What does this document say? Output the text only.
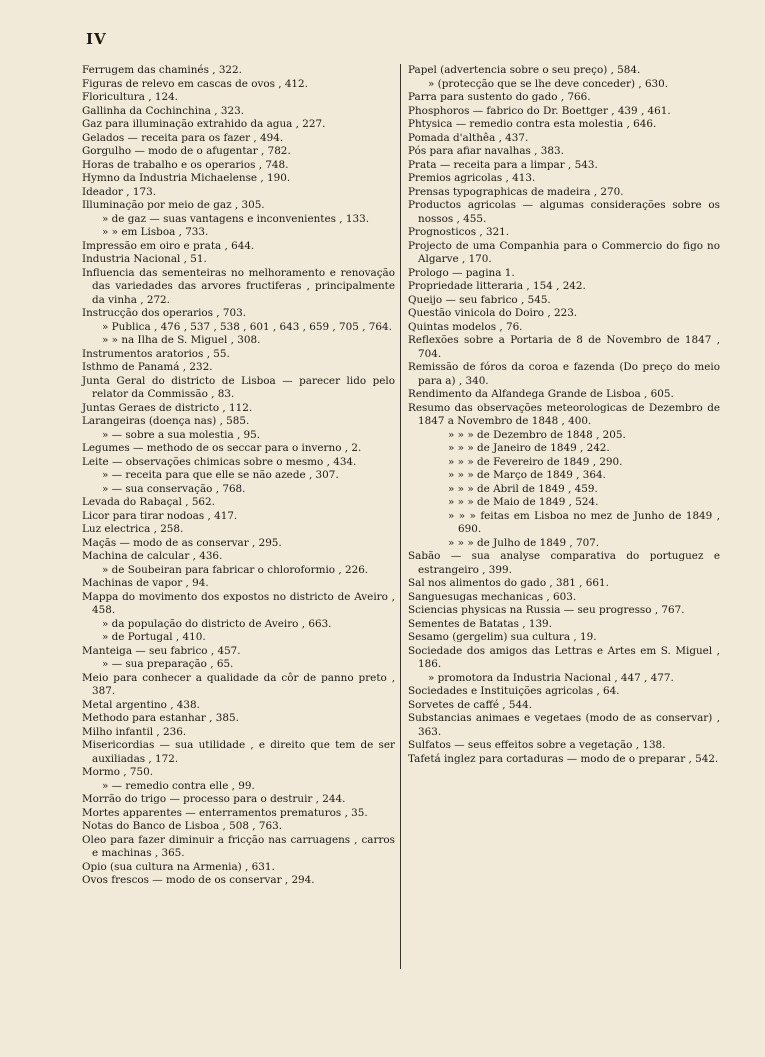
IV
Ferrugem das chaminés , 322.
Figuras de relevo em cascas de ovos , 412.
Floricultura , 124.
Gallinha da Cochinchina , 323.
Gaz para illuminação extrahido da agua , 227.
Gelados — receita para os fazer , 494.
Gorgulho — modo de o afugentar , 782.
Horas de trabalho e os operarios , 748.
Hymno da Industria Michaelense , 190.
Ideador , 173.
Illuminação por meio de gaz , 305.
» de gaz — suas vantagens e inconvenientes , 133.
» » em Lisboa , 733.
Impressão em oiro e prata , 644.
Industria Nacional , 51.
Influencia das sementeiras no melhoramento e renovação das variedades das arvores fructiferas , principalmente da vinha , 272.
Instrucção dos operarios , 703.
» Publica , 476 , 537 , 538 , 601 , 643 , 659 , 705 , 764.
» » na Ilha de S. Miguel , 308.
Instrumentos aratorios , 55.
Isthmo de Panamá , 232.
Junta Geral do districto de Lisboa — parecer lido pelo relator da Commissão , 83.
Juntas Geraes de districto , 112.
Larangeiras (doença nas) , 585.
» — sobre a sua molestia , 95.
Legumes — methodo de os seccar para o inverno , 2.
Leite — observações chimicas sobre o mesmo , 434.
» — receita para que elle se não azede , 307.
» — sua conservação , 768.
Levada do Rabaçal , 562.
Licor para tirar nodoas , 417.
Luz electrica , 258.
Maçãs — modo de as conservar , 295.
Machina de calcular , 436.
» de Soubeiran para fabricar o chloroformio , 226.
Machinas de vapor , 94.
Mappa do movimento dos expostos no districto de Aveiro , 458.
» da população do districto de Aveiro , 663.
» de Portugal , 410.
Manteiga — seu fabrico , 457.
» — sua preparação , 65.
Meio para conhecer a qualidade da côr de panno preto , 387.
Metal argentino , 438.
Methodo para estanhar , 385.
Milho infantil , 236.
Misericordias — sua utilidade , e direito que tem de ser auxiliadas , 172.
Mormo , 750.
» — remedio contra elle , 99.
Morrão do trigo — processo para o destruir , 244.
Mortes apparentes — enterramentos prematuros , 35.
Notas do Banco de Lisboa , 508 , 763.
Oleo para fazer diminuir a fricção nas carruagens , carros e machinas , 365.
Opio (sua cultura na Armenia) , 631.
Ovos frescos — modo de os conservar , 294.
Papel (advertencia sobre o seu preço) , 584.
» (protecção que se lhe deve conceder) , 630.
Parra para sustento do gado , 766.
Phosphoros — fabrico do Dr. Boettger , 439 , 461.
Phtysica — remedio contra esta molestia , 646.
Pomada d'althêa , 437.
Pós para afiar navalhas , 383.
Prata — receita para a limpar , 543.
Premios agricolas , 413.
Prensas typographicas de madeira , 270.
Productos agricolas — algumas considerações sobre os nossos , 455.
Prognosticos , 321.
Projecto de uma Companhia para o Commercio do figo no Algarve , 170.
Prologo — pagina 1.
Propriedade litteraria , 154 , 242.
Queijo — seu fabrico , 545.
Questão vinicola do Doiro , 223.
Quintas modelos , 76.
Reflexões sobre a Portaria de 8 de Novembro de 1847 , 704.
Remissão de fóros da coroa e fazenda (Do preço do meio para a) , 340.
Rendimento da Alfandega Grande de Lisboa , 605.
Resumo das observações meteorologicas de Dezembro de 1847 a Novembro de 1848 , 400.
» » » de Dezembro de 1848 , 205.
» » » de Janeiro de 1849 , 242.
» » » de Fevereiro de 1849 , 290.
» » » de Março de 1849 , 364.
» » » de Abril de 1849 , 459.
» » » de Maio de 1849 , 524.
» » » feitas em Lisboa no mez de Junho de 1849 , 690.
» » » de Julho de 1849 , 707.
Sabão — sua analyse comparativa do portuguez e estrangeiro , 399.
Sal nos alimentos do gado , 381 , 661.
Sanguesugas mechanicas , 603.
Sciencias physicas na Russia — seu progresso , 767.
Sementes de Batatas , 139.
Sesamo (gergelim) sua cultura , 19.
Sociedade dos amigos das Lettras e Artes em S. Miguel , 186.
» promotora da Industria Nacional , 447 , 477.
Sociedades e Instituições agricolas , 64.
Sorvetes de caffé , 544.
Substancias animaes e vegetaes (modo de as conservar) , 363.
Sulfatos — seus effeitos sobre a vegetação , 138.
Tafetá inglez para cortaduras — modo de o preparar , 542.
